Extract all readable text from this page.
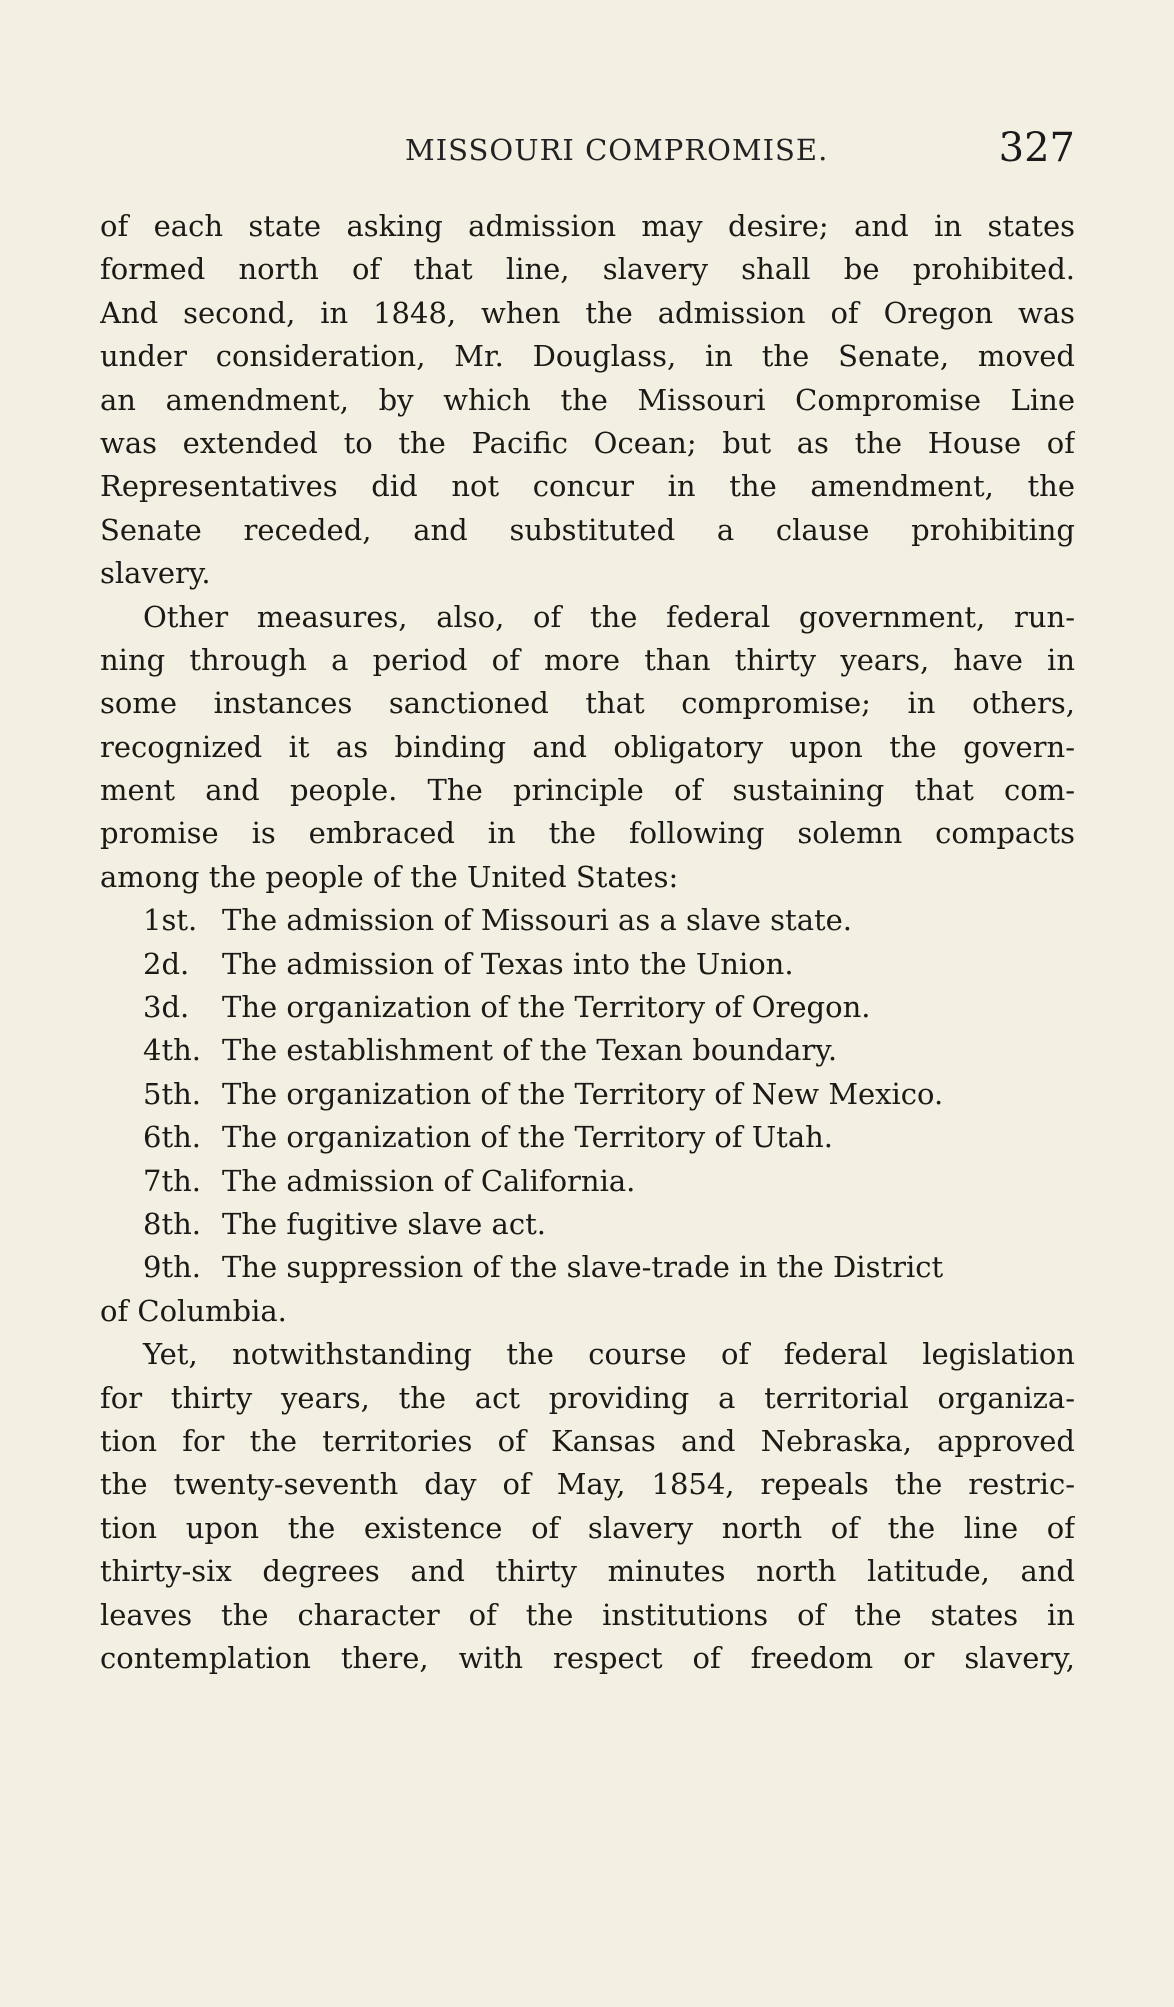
MISSOURI COMPROMISE.	327
of each state asking admission may desire; and in states
formed north of that line, slavery shall be prohibited.
And second, in 1848, when the admission of Oregon was
under consideration, Mr. Douglass, in the Senate, moved
an amendment, by which the Missouri Compromise Line
was extended to the Pacific Ocean; but as the House of
Representatives did not concur in the amendment, the
Senate receded, and substituted a clause prohibiting
slavery.
Other measures, also, of the federal government, run-
ning through a period of more than thirty years, have in
some instances sanctioned that compromise; in others,
recognized it as binding and obligatory upon the govern-
ment and people. The principle of sustaining that com-
promise is embraced in the following solemn compacts
among the people of the United States:
1st. The admission of Missouri as a slave state.
2d. The admission of Texas into the Union.
3d. The organization of the Territory of Oregon.
4th. The establishment of the Texan boundary.
5th. The organization of the Territory of New Mexico.
6th. The organization of the Territory of Utah.
7th. The admission of California.
8th. The fugitive slave act.
9th. The suppression of the slave-trade in the District
of Columbia.
Yet, notwithstanding the course of federal legislation
for thirty years, the act providing a territorial organiza-
tion for the territories of Kansas and Nebraska, approved
the twenty-seventh day of May, 1854, repeals the restric-
tion upon the existence of slavery north of the line of
thirty-six degrees and thirty minutes north latitude, and
leaves the character of the institutions of the states in
contemplation there, with respect of freedom or slavery,
